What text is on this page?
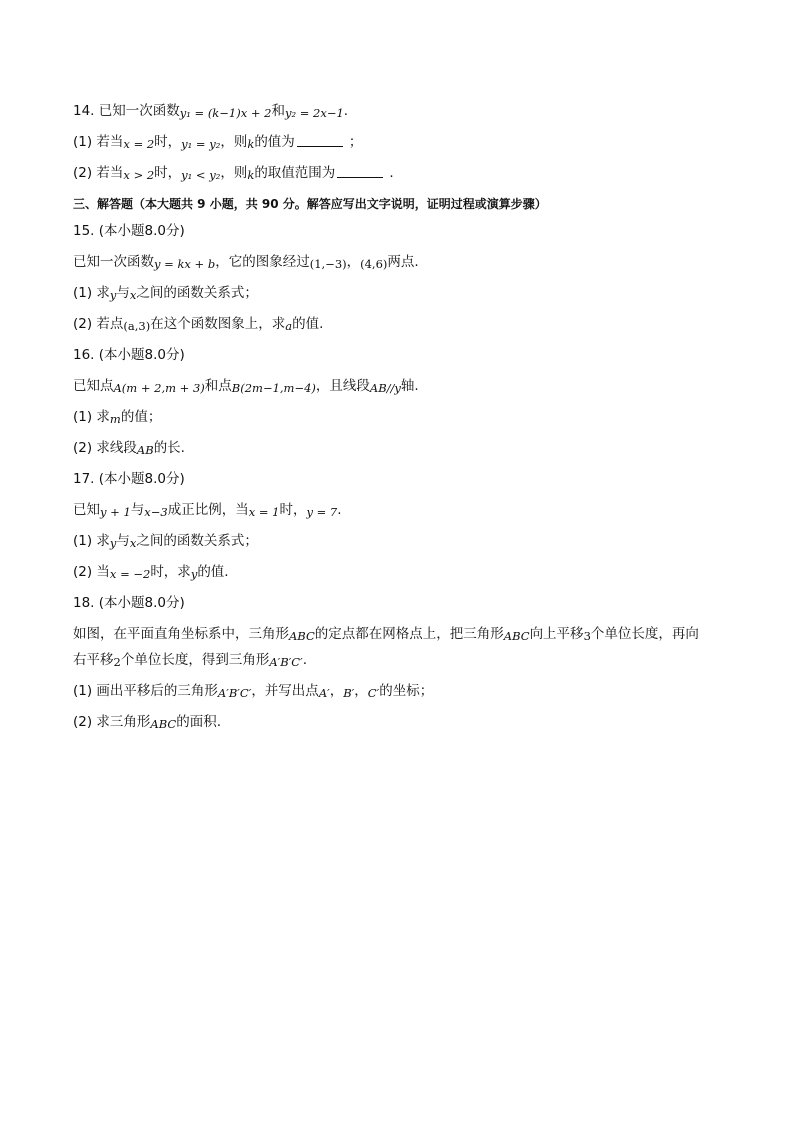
14. 已知一次函数y₁ = (k−1)x + 2和y₂ = 2x−1.
(1) 若当x = 2时，y₁ = y₂，则k的值为	；
(2) 若当x > 2时，y₁ < y₂，则k的取值范围为	.
三、解答题（本大题共 9 小题，共 90 分。解答应写出文字说明，证明过程或演算步骤）
15. (本小题8.0分)
已知一次函数y = kx + b，它的图象经过(1,−3)，(4,6)两点.
(1) 求y与x之间的函数关系式；
(2) 若点(a,3)在这个函数图象上，求a的值.
16. (本小题8.0分)
已知点A(m + 2,m + 3)和点B(2m−1,m−4)，且线段AB//y轴.
(1) 求m的值；
(2) 求线段AB的长.
17. (本小题8.0分)
已知y + 1与x−3成正比例，当x = 1时，y = 7.
(1) 求y与x之间的函数关系式；
(2) 当x = −2时，求y的值.
18. (本小题8.0分)
如图，在平面直角坐标系中，三角形ABC的定点都在网格点上，把三角形ABC向上平移3个单位长度，再向
右平移2个单位长度，得到三角形A′B′C′.
(1) 画出平移后的三角形A′B′C′，并写出点A′，B′，C′的坐标；
(2) 求三角形ABC的面积.
